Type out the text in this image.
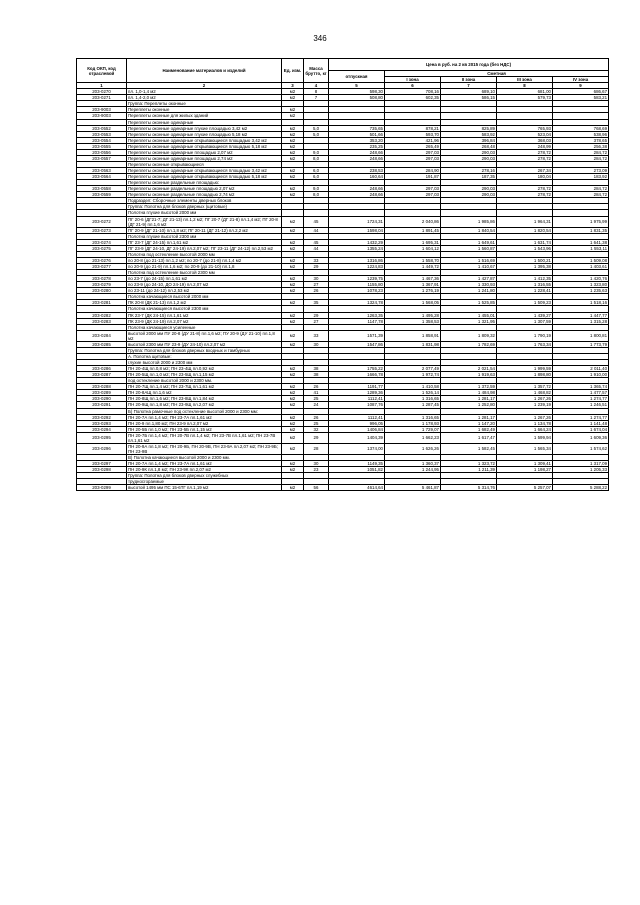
346
Код ОКП, код отраслевой	Наименование материалов и изделий	Ед. изм.	Масса брутто, кг	Цена в руб. на 2 кв 2015 года (без НДС)				
				отпускная	Сметная			
					I зона	II зона	III зона	IV зона
1	2	3	4	5	6	7	8	9
203-0270	пл. 1,0-1,4 м2	м2	8	598,30	708,16	689,10	681,00	686,67
203-0271	пл. 1,4-2,0 м2	м2	7	508,80	602,35	586,15	579,73	583,21
	Группа: Переплеты оконные							
203-9003	Переплеты оконные	м2						
203-9003	Переплеты оконные для жилых зданий	м2						
	Переплеты оконные одинарные							
203-0552	Переплеты оконные одинарные глухие площадью 3,42 м2	м2	5,0	735,65	878,21	825,89	765,93	768,69
203-0553	Переплеты оконные одинарные глухие площадью 5,18 м2	м2	5,0	501,66	593,70	583,92	523,04	538,96
203-0554	Переплеты оконные одинарные открывающиеся площадью 3,42 м2	м2		353,20	421,96	396,84	368,03	378,65
203-0555	Переплеты оконные одинарные открывающиеся площадью 5,18 м2	м2		235,25	265,49	268,48	248,99	256,38
203-0556	Переплеты оконные одинарные площадью 2,07 м2	м2	9,0	248,66	297,03	290,03	278,72	284,72
203-0557	Переплеты оконные одинарные площадью 2,74 м2	м2	8,0	248,66	297,03	290,03	278,72	284,72
	Переплеты оконные открывающиеся							
203-0563	Переплеты оконные одинарные открывающиеся площадью 3,42 м2	м2	6,0	238,53	284,90	278,16	267,34	273,09
203-0564	Переплеты оконные одинарные открывающиеся площадью 5,18 м2	м2	6,0	160,64	191,87	187,35	180,04	183,92
	Переплеты оконные раздельные площадью:							
203-0558	Переплеты оконные раздельные площадью 2,07 м2	м2	9,0	248,66	297,03	290,03	278,72	284,72
203-0559	Переплеты оконные раздельные площадью 2,74 м2	м2	8,0	248,66	297,03	290,03	278,72	284,72
	Подраздел: Сборочные элементы дверных блоков							
	Группа: Полотна для блоков дверных (щитовые)							
	Полотна глухие высотой 2000 мм							
203-0272	ПГ 20-6 (ДГ21-7; ДГ 21-13) пл.1,2 м2; ПГ 20-7 (ДГ 21-8) пл.1,4 м2; ПГ 20-8 (ДГ 21-9) пл.1,6 м2	м2	45	1724,31	2 040,86	1 985,86	1 964,31	1 975,99
203-0273	ПГ 20-9 (ДГ 21-10) пл.1,8 м2; ПГ 20-11 (ДГ 21-12) пл.2,2 м2	м2	44	1598,04	1 891,45	1 840,54	1 820,54	1 831,35
	Полотна глухие высотой 2300 мм							
203-0274	ПГ 23-7 (ДГ 24-15) пл.1,61 м2	м2	45	1432,29	1 695,31	1 649,61	1 631,74	1 641,38
203-0275	ПГ 23-9 (ДГ 24-10, ДГ 24-19) пл.2,07 м2; ПГ 23-11 (ДГ 24-12) пл.2,53 м2	м2	44	1355,24	1 604,12	1 560,87	1 543,96	1 553,11
	Полотна под остекление высотой 2000 мм							
203-0276	по 20-8 (до 21-13) пл.1,2 м2; по 20-7 (до 21-8) пл.1,4 м2	м2	33	1316,86	1 558,70	1 516,69	1 500,21	1 509,08
203-0277	по 20-9 (до 21-9) пл.1,6 м2; по 20-9 (до 21-10) пл.1,8	м2	29	1224,83	1 449,72	1 410,67	1 395,38	1 403,61
	Полотна под остекление высотой 2300 мм							
203-0278	по 23-7 (до 24-15) пл.1,61 м2	м2	30	1239,75	1 467,36	1 427,87	1 412,35	1 420,76
203-0279	по 23-9 (до 24-10, ДО 24-19) пл.2,07 м2	м2	27	1155,80	1 367,91	1 330,93	1 316,55	1 323,80
203-0280	по 23-11 (до 24-12) пл.2,53 м2	м2	26	1078,23	1 276,19	1 241,80	1 228,41	1 235,63
	Полотна качающиеся высотой 2000 мм							
203-0281	ПК 20-8 (ДК 21-13) пл.1,2 м2	м2	35	1324,78	1 568,05	1 525,85	1 509,23	1 518,16
	Полотна качающиеся высотой 2300 мм							
203-0282	ПК 23-7 (ДК 24-15) пл.1,61 м2	м2	29	1263,35	1 495,28	1 455,01	1 439,27	1 447,77
203-0283	ПК 23-9 (ДК 24-19) пл.2,07 м2	м2	27	1147,78	1 358,53	1 321,95	1 307,59	1 315,28
	Полотна качающиеся усиленные							
203-0284	высотой 2000 мм ПУ 20-8 (ДУ 21-8) пл.1,6 м2; ПУ 20-9 (ДУ 21-10) пл.1,8 м2	м2	33	1571,39	1 858,91	1 809,32	1 790,19	1 800,81
203-0285	высотой 2300 мм ПУ 23-9 (ДУ 24-10) пл.2,07 м2	м2	30	1547,86	1 831,98	1 782,69	1 763,34	1 773,79
	Группа: Полотна для блоков дверных входных и тамбурных							
	А. Полотна щитовые:							
	глухие высотой 2000 и 2300 мм							
203-0286	ПН 20-4Щ пл.0,8 м2; ПН 23-4Щ пл.0,92 м2	м2	38	1755,22	2 077,49	2 021,54	1 999,59	2 011,40
203-0287	ПН 20-5Щ пл.1,0 м2; ПН 23-5Щ пл.1,15 м2	м2	38	1666,78	1 972,74	1 919,63	1 898,80	1 910,00
	под остекление высотой 2000 и 2300 мм.							
203-0288	ПН 20-7Щ пл.1,4 м2; ПН 23-7Щ пл.1,61 м2	м2	26	1191,77	1 410,58	1 372,59	1 357,72	1 365,74
203-0289	ПН 20-8АЩ пл.1,6 м2	м2	41	1289,36	1 526,14	1 484,98	1 468,82	1 477,57
203-0290	ПН 20-8Щ пл.1,6 м2; ПН 23-8Щ пл.1,84 м2	м2	25	1112,41	1 316,65	1 281,17	1 267,26	1 274,77
203-0291	ПН 20-9Щ пл.1,8 м2; ПН 23-9Щ пл.2,07 м2	м2	24	1087,76	1 287,45	1 252,80	1 239,19	1 246,51
	Б) Полотна рамочные под остекление высотой 2000 и 2300 мм:							
203-0292	ПН 20-7А пл.1,4 м2; ПН 23-7А пл.1,61 м2	м2	26	1112,41	1 316,65	1 281,17	1 267,26	1 274,77
203-0293	ПН 20-9 пл.1,80 м2; ПН 23-9 пл.2,07 м2	м2	25	996,05	1 178,93	1 147,20	1 134,78	1 141,48
203-0294	ПН 20-5Б пл.1,0 м2; ПН 23-5Б пл.1,15 м2	м2	32	1406,84	1 729,07	1 682,49	1 664,24	1 674,04
203-0295	ПН 20-7Б пл.1,4 м2; ПН 20-7В пл.1,4 м2; ПН 23-7В пл.1,61 м2; ПН 23-7В пл.1,61 м2	м2	29	1404,39	1 662,23	1 617,47	1 599,94	1 609,36
203-0296	ПН 20-9А пл.1,8 м2; ПН 20-9Б, ПН 20-9В, ПН 23-9А пл.2,07 м2; ПН 23-9Б; ПН 23-9В	м2	28	1374,00	1 626,26	1 582,45	1 565,34	1 574,62
	В) Полотна качающиеся высотой 2000 и 2300 мм.							
203-0297	ПН 20-7А пл.1,4 м2; ПН 23-7А пл.1,61 м2	м2	30	1149,35	1 360,37	1 323,72	1 309,41	1 317,09
203-0298	ПН 20-9К пл.1,8 м2; ПН 23-9К пл.2,07 м2	м2	23	1051,82	1 244,95	1 211,39	1 198,27	1 205,33
	Группа: Полотна для блоков дверных служебных							
	трудносгораемые							
203-0299	высотой 1495 мм ПС 15-6ТГ пл.1,19 м2	м2	56	4614,64	5 461,87	5 314,76	5 257,07	5 288,22
